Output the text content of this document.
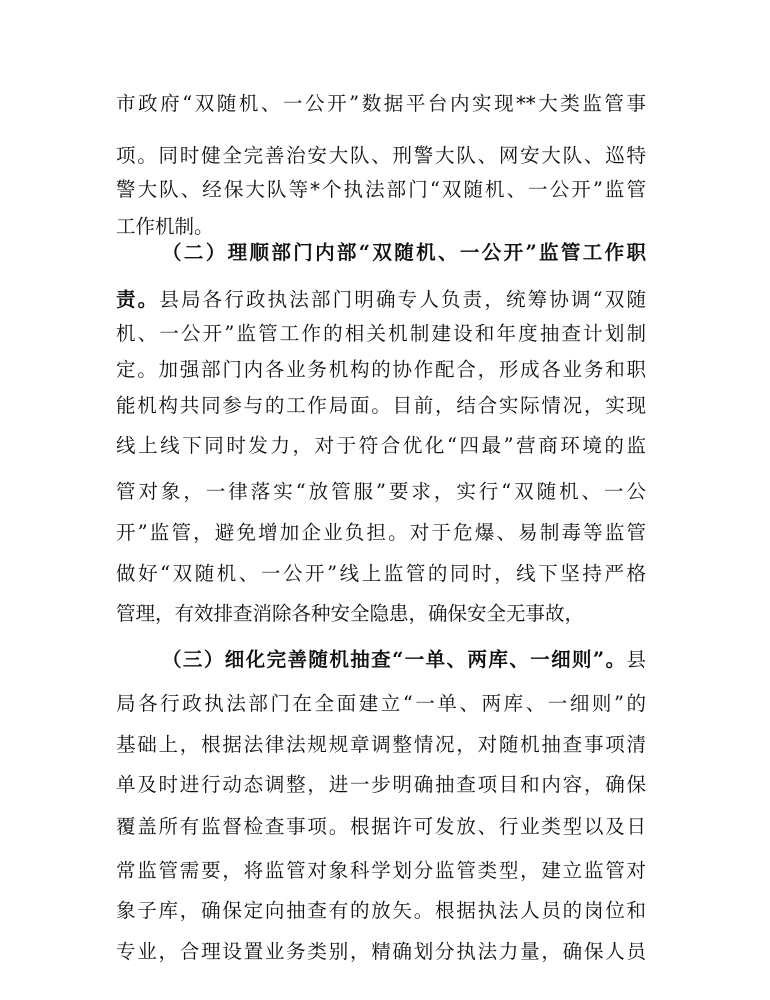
市政府“双随机、一公开”数据平台内实现**大类监管事
项。同时健全完善治安大队、刑警大队、网安大队、巡特
警大队、经保大队等*个执法部门“双随机、一公开”监管
工作机制。
（二）理顺部门内部“双随机、一公开”监管工作职
责。县局各行政执法部门明确专人负责，统筹协调“双随
机、一公开”监管工作的相关机制建设和年度抽查计划制
定。加强部门内各业务机构的协作配合，形成各业务和职
能机构共同参与的工作局面。目前，结合实际情况，实现
线上线下同时发力，对于符合优化“四最”营商环境的监
管对象，一律落实“放管服”要求，实行“双随机、一公
开”监管，避免增加企业负担。对于危爆、易制毒等监管
做好“双随机、一公开”线上监管的同时，线下坚持严格
管理，有效排查消除各种安全隐患，确保安全无事故，
（三）细化完善随机抽查“一单、两库、一细则”。县
局各行政执法部门在全面建立“一单、两库、一细则”的
基础上，根据法律法规规章调整情况，对随机抽查事项清
单及时进行动态调整，进一步明确抽查项目和内容，确保
覆盖所有监督检查事项。根据许可发放、行业类型以及日
常监管需要，将监管对象科学划分监管类型，建立监管对
象子库，确保定向抽查有的放矢。根据执法人员的岗位和
专业，合理设置业务类别，精确划分执法力量，确保人员
